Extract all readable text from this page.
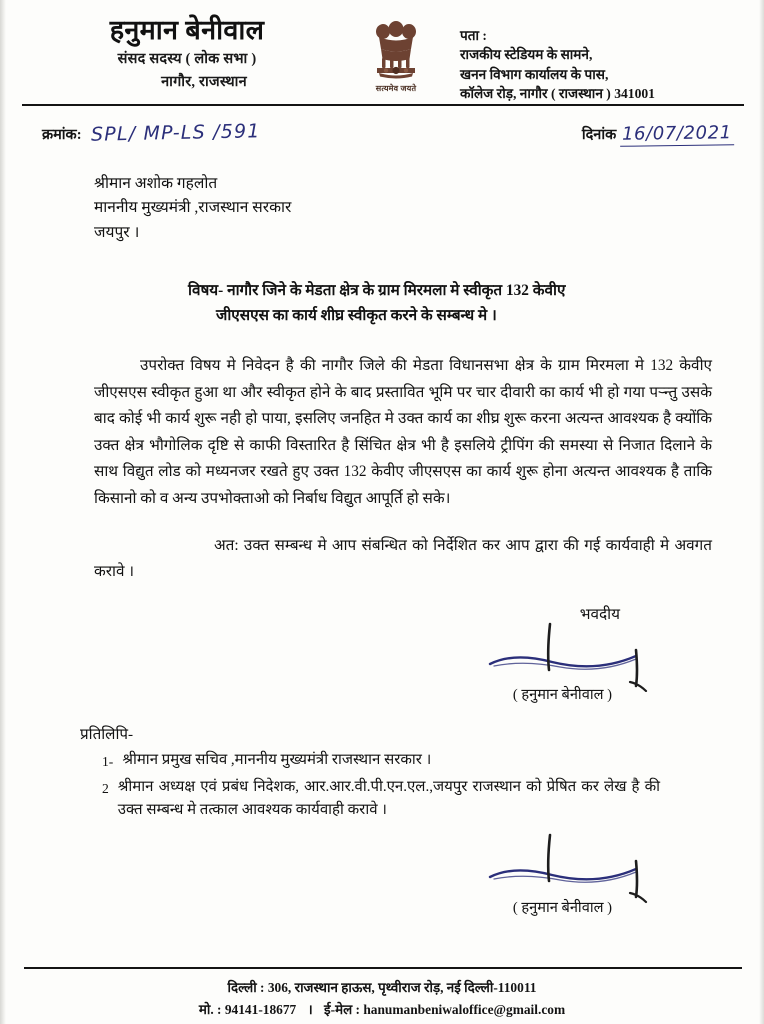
हनुमान बेनीवाल
संसद सदस्य ( लोक सभा )
नागौर, राजस्थान	सत्यमेव जयते
पता :
राजकीय स्टेडियम के सामने,
खनन विभाग कार्यालय के पास,
कॉलेज रोड़, नागौर ( राजस्थान ) 341001
क्रमांक: SPL/ MP-LS /591	दिनांक 16/07/2021
श्रीमान अशोक गहलोत
माननीय मुख्यमंत्री ,राजस्थान सरकार
जयपुर ।
विषय- नागौर जिने के मेडता क्षेत्र के ग्राम मिरमला मे स्वीकृत 132 केवीए
जीएसएस का कार्य शीघ्र स्वीकृत करने के सम्बन्ध मे ।

उपरोक्त विषय मे निवेदन है की नागौर जिले की मेडता विधानसभा क्षेत्र के ग्राम मिरमला मे 132 केवीए जीएसएस स्वीकृत हुआ था और स्वीकृत होने के बाद प्रस्तावित भूमि पर चार दीवारी का कार्य भी हो गया पऱ्न्तु उसके बाद कोई भी कार्य शुरू नही हो पाया, इसलिए जनहित मे उक्त कार्य का शीघ्र शुरू करना अत्यन्त आवश्यक है क्योंकि उक्त क्षेत्र भौगोलिक दृष्टि से काफी विस्तारित है सिंचित क्षेत्र भी है इसलिये ट्रीपिंग की समस्या से निजात दिलाने के साथ विद्युत लोड को मध्यनजर रखते हुए उक्त 132 केवीए जीएसएस का कार्य शुरू होना अत्यन्त आवश्यक है ताकि किसानो को व अन्य उपभोक्ताओ को निर्बाध विद्युत आपूर्ति हो सके।

अत: उक्त सम्बन्ध मे आप संबन्धित को निर्देशित कर आप द्वारा की गई कार्यवाही मे अवगत करावे ।

भवदीय
( हनुमान बेनीवाल )
प्रतिलिपि-
1- श्रीमान प्रमुख सचिव ,माननीय मुख्यमंत्री राजस्थान सरकार ।
2 श्रीमान अध्यक्ष एवं प्रबंध निदेशक, आर.आर.वी.पी.एन.एल.,जयपुर राजस्थान को प्रेषित कर लेख है की उक्त सम्बन्ध मे तत्काल आवश्यक कार्यवाही करावे ।
( हनुमान बेनीवाल )
दिल्ली : 306, राजस्थान हाऊस, पृथ्वीराज रोड़, नई दिल्ली-110011
मो. : 94141-18677 । ई-मेल : hanumanbeniwaloffice@gmail.com
